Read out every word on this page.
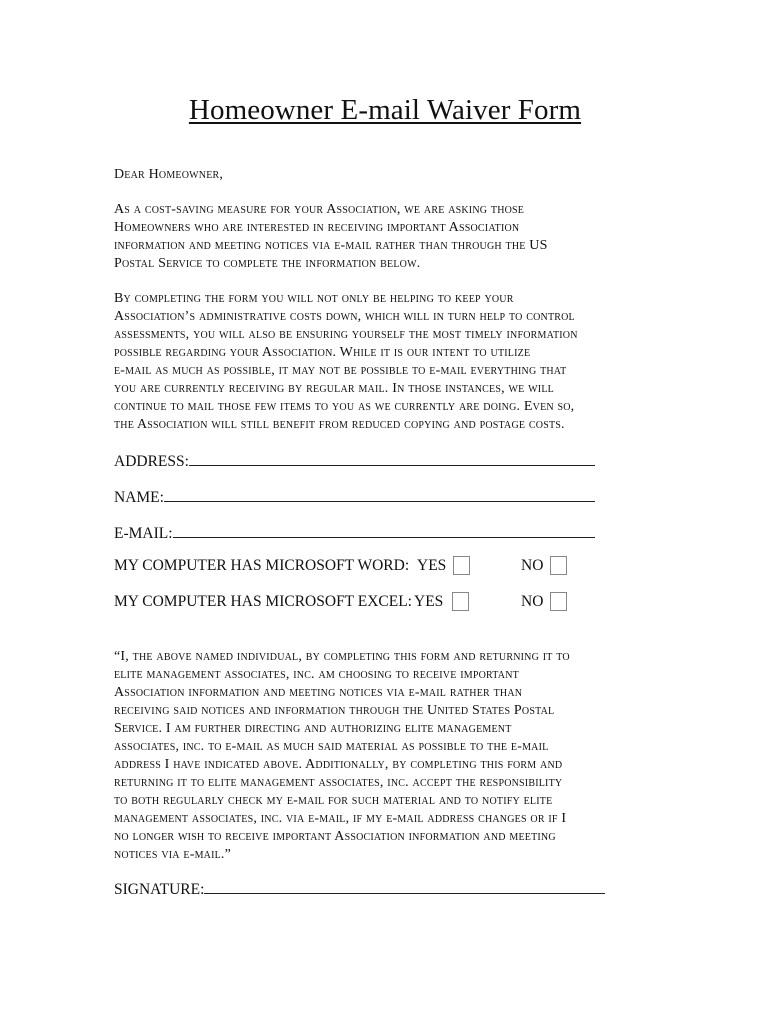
Homeowner E-mail Waiver Form

Dear Homeowner,

As a cost-saving measure for your Association, we are asking those

Homeowners who are interested in receiving important Association

information and meeting notices via e-mail rather than through the US

Postal Service to complete the information below.

By completing the form you will not only be helping to keep your

Association’s administrative costs down, which will in turn help to control

assessments, you will also be ensuring yourself the most timely information

possible regarding your Association. While it is our intent to utilize

e-mail as much as possible, it may not be possible to e-mail everything that

you are currently receiving by regular mail. In those instances, we will

continue to mail those few items to you as we currently are doing. Even so,

the Association will still benefit from reduced copying and postage costs.

ADDRESS:
NAME:
E-MAIL:
MY COMPUTER HAS MICROSOFT WORD: YES	NO
MY COMPUTER HAS MICROSOFT EXCEL: YES	NO

“I, the above named individual, by completing this form and returning it to

elite management associates, inc. am choosing to receive important

Association information and meeting notices via e-mail rather than

receiving said notices and information through the United States Postal

Service. I am further directing and authorizing elite management

associates, inc. to e-mail as much said material as possible to the e-mail

address I have indicated above. Additionally, by completing this form and

returning it to elite management associates, inc. accept the responsibility

to both regularly check my e-mail for such material and to notify elite

management associates, inc. via e-mail, if my e-mail address changes or if I

no longer wish to receive important Association information and meeting

notices via e-mail.”

SIGNATURE:
